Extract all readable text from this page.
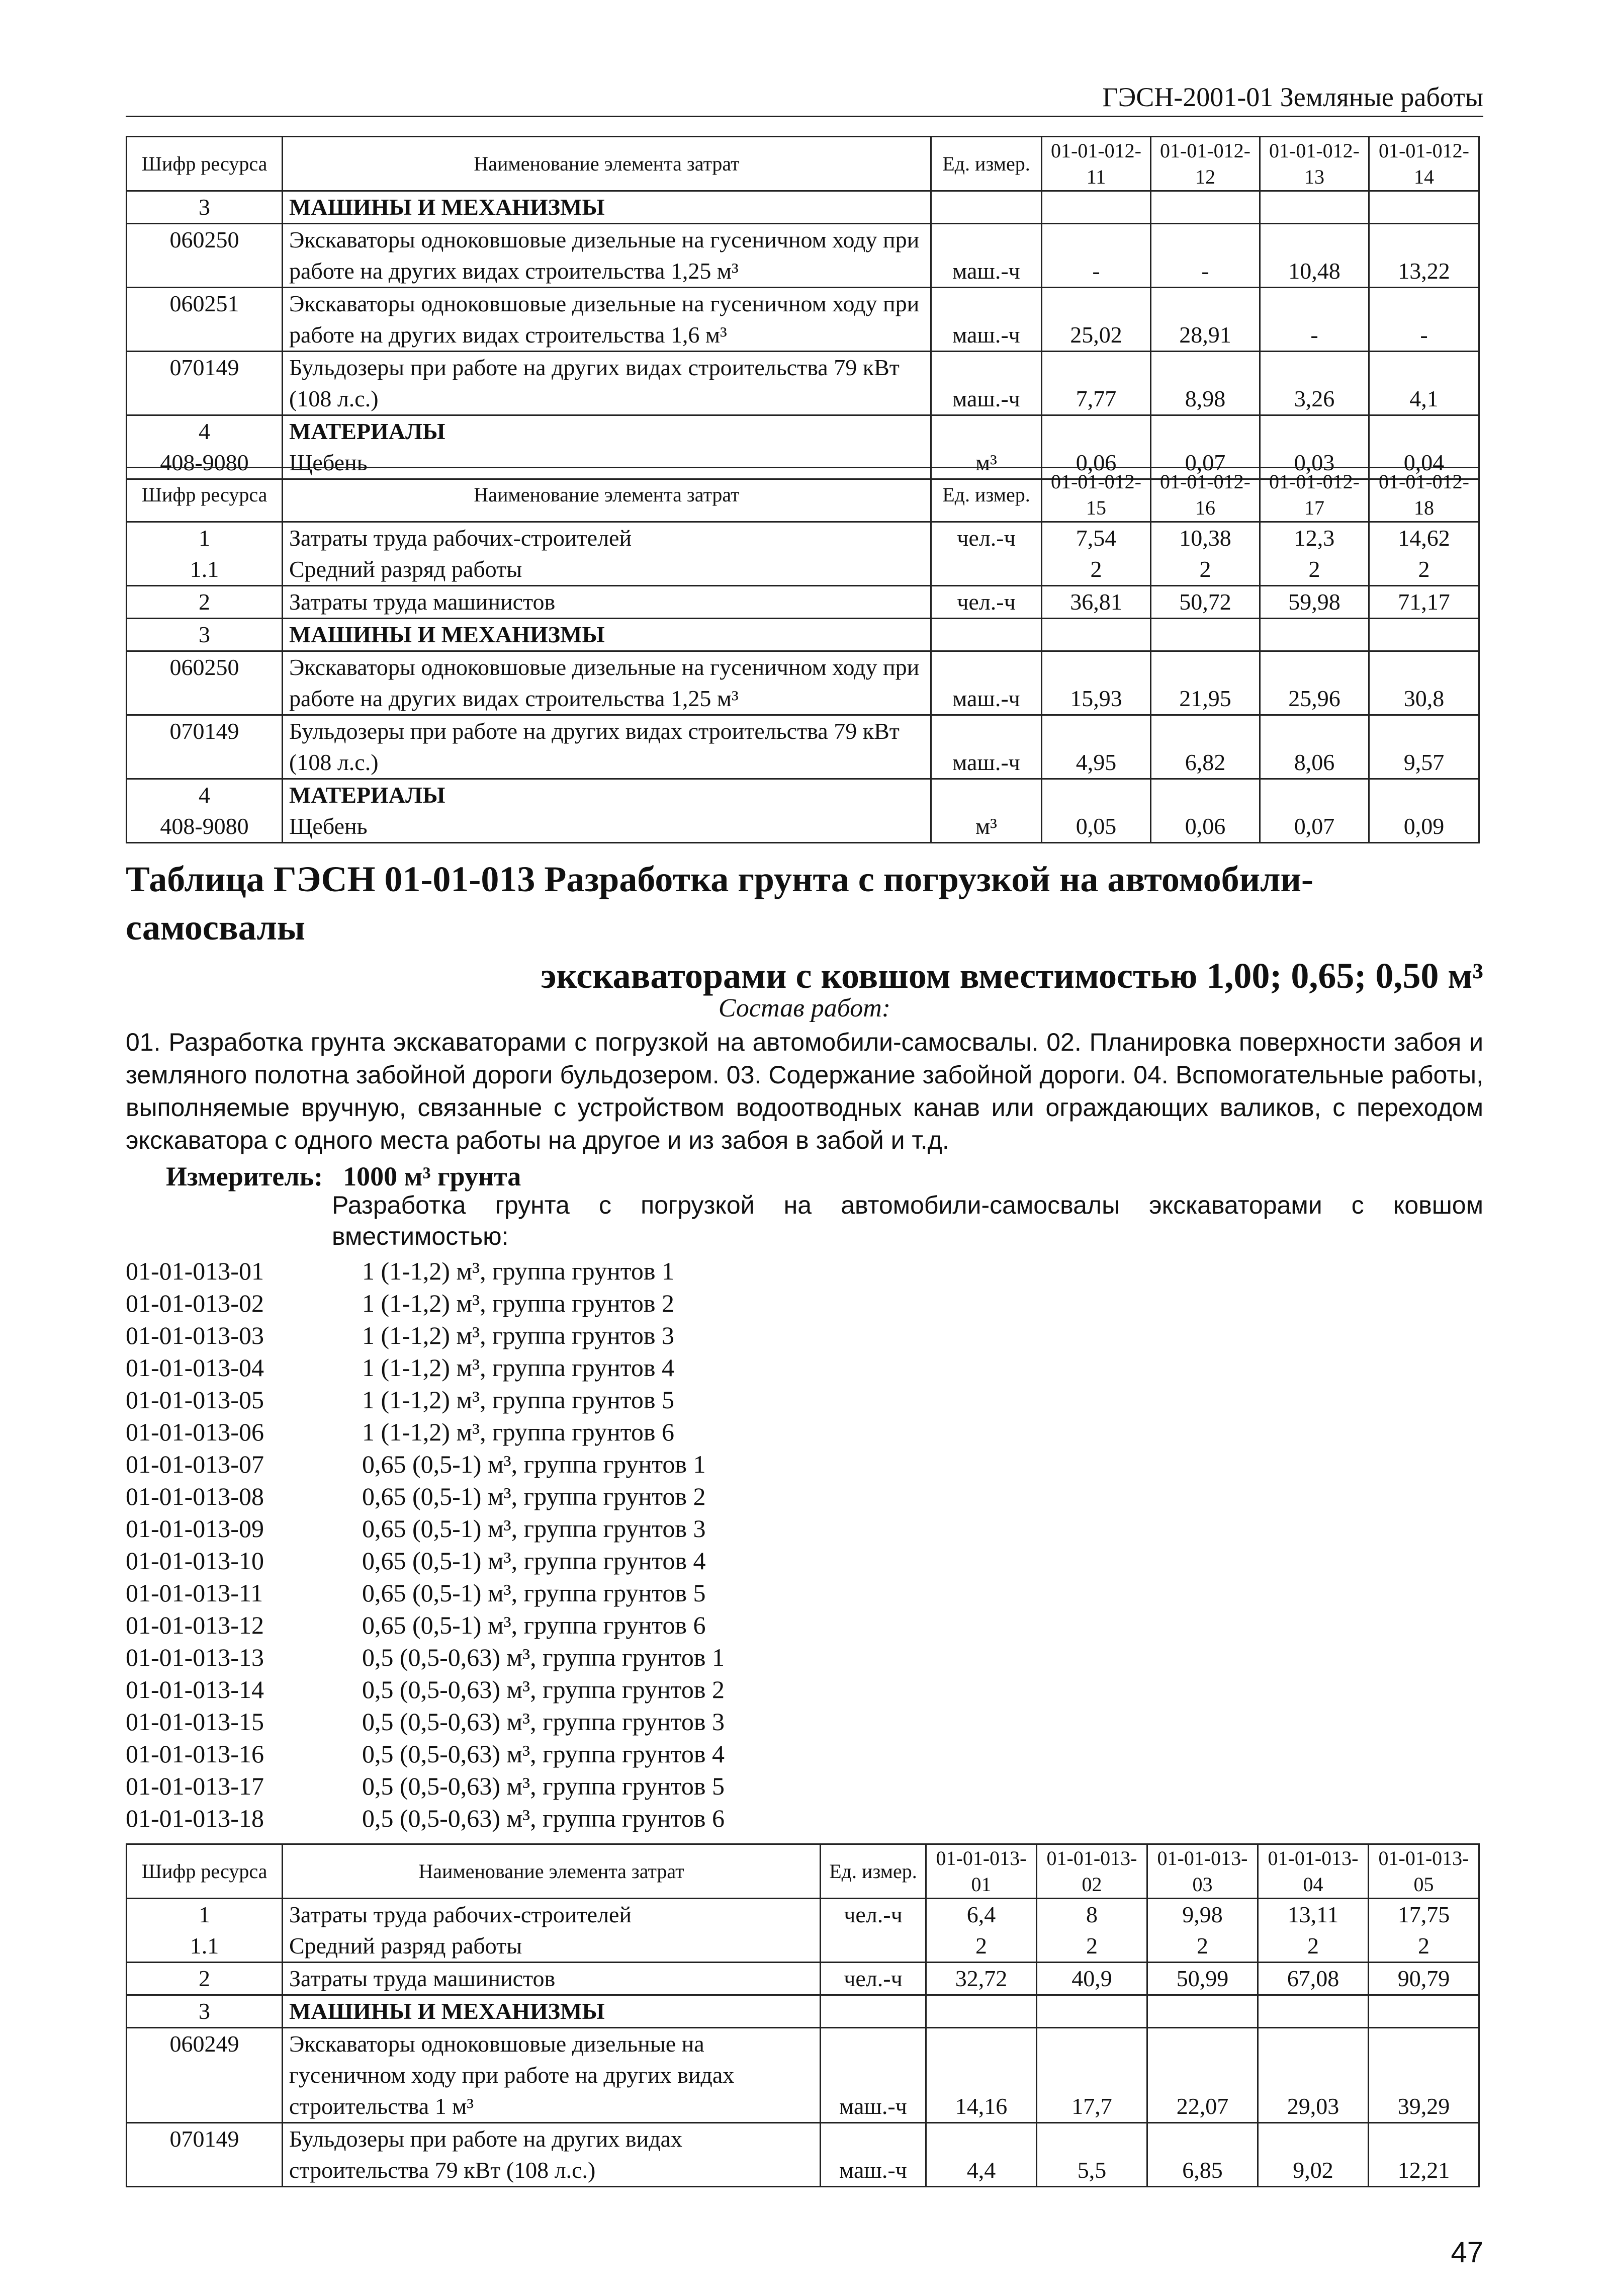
ГЭСН-2001-01 Земляные работы
Шифр ресурса	Наименование элемента затрат	Ед. измер.	01-01-012-11	01-01-012-12	01-01-012-13	01-01-012-14
3	МАШИНЫ И МЕХАНИЗМЫ					
060250	Экскаваторы одноковшовые дизельные на гусеничном ходу при работе на других видах строительства 1,25 м³	маш.-ч	-	-	10,48	13,22
060251	Экскаваторы одноковшовые дизельные на гусеничном ходу при работе на других видах строительства 1,6 м³	маш.-ч	25,02	28,91	-	-
070149	Бульдозеры при работе на других видах строительства 79 кВт (108 л.с.)	маш.-ч	7,77	8,98	3,26	4,1
4	МАТЕРИАЛЫ					
408-9080	Щебень	м³	0,06	0,07	0,03	0,04
Шифр ресурса	Наименование элемента затрат	Ед. измер.	01-01-012-15	01-01-012-16	01-01-012-17	01-01-012-18
1	Затраты труда рабочих-строителей	чел.-ч	7,54	10,38	12,3	14,62
1.1	Средний разряд работы		2	2	2	2
2	Затраты труда машинистов	чел.-ч	36,81	50,72	59,98	71,17
3	МАШИНЫ И МЕХАНИЗМЫ					
060250	Экскаваторы одноковшовые дизельные на гусеничном ходу при работе на других видах строительства 1,25 м³	маш.-ч	15,93	21,95	25,96	30,8
070149	Бульдозеры при работе на других видах строительства 79 кВт (108 л.с.)	маш.-ч	4,95	6,82	8,06	9,57
4	МАТЕРИАЛЫ					
408-9080	Щебень	м³	0,05	0,06	0,07	0,09
Таблица ГЭСН 01-01-013 Разработка грунта с погрузкой на автомобили-самосвалы
экскаваторами с ковшом вместимостью 1,00; 0,65; 0,50 м³
Состав работ:
01. Разработка грунта экскаваторами с погрузкой на автомобили-самосвалы. 02. Планировка поверхности забоя и земляного полотна забойной дороги бульдозером. 03. Содержание забойной дороги. 04. Вспомогательные работы, выполняемые вручную, связанные с устройством водоотводных канав или ограждающих валиков, с переходом экскаватора с одного места работы на другое и из забоя в забой и т.д.
Измеритель: 1000 м³ грунта
Разработка грунта с погрузкой на автомобили-самосвалы экскаваторами с ковшом вместимостью:
01-01-013-01	1 (1-1,2) м³, группа грунтов 1
01-01-013-02	1 (1-1,2) м³, группа грунтов 2
01-01-013-03	1 (1-1,2) м³, группа грунтов 3
01-01-013-04	1 (1-1,2) м³, группа грунтов 4
01-01-013-05	1 (1-1,2) м³, группа грунтов 5
01-01-013-06	1 (1-1,2) м³, группа грунтов 6
01-01-013-07	0,65 (0,5-1) м³, группа грунтов 1
01-01-013-08	0,65 (0,5-1) м³, группа грунтов 2
01-01-013-09	0,65 (0,5-1) м³, группа грунтов 3
01-01-013-10	0,65 (0,5-1) м³, группа грунтов 4
01-01-013-11	0,65 (0,5-1) м³, группа грунтов 5
01-01-013-12	0,65 (0,5-1) м³, группа грунтов 6
01-01-013-13	0,5 (0,5-0,63) м³, группа грунтов 1
01-01-013-14	0,5 (0,5-0,63) м³, группа грунтов 2
01-01-013-15	0,5 (0,5-0,63) м³, группа грунтов 3
01-01-013-16	0,5 (0,5-0,63) м³, группа грунтов 4
01-01-013-17	0,5 (0,5-0,63) м³, группа грунтов 5
01-01-013-18	0,5 (0,5-0,63) м³, группа грунтов 6
Шифр ресурса	Наименование элемента затрат	Ед. измер.	01-01-013-01	01-01-013-02	01-01-013-03	01-01-013-04	01-01-013-05
1	Затраты труда рабочих-строителей	чел.-ч	6,4	8	9,98	13,11	17,75
1.1	Средний разряд работы		2	2	2	2	2
2	Затраты труда машинистов	чел.-ч	32,72	40,9	50,99	67,08	90,79
3	МАШИНЫ И МЕХАНИЗМЫ						
060249	Экскаваторы одноковшовые дизельные на гусеничном ходу при работе на других видах строительства 1 м³	маш.-ч	14,16	17,7	22,07	29,03	39,29
070149	Бульдозеры при работе на других видах строительства 79 кВт (108 л.с.)	маш.-ч	4,4	5,5	6,85	9,02	12,21
47
